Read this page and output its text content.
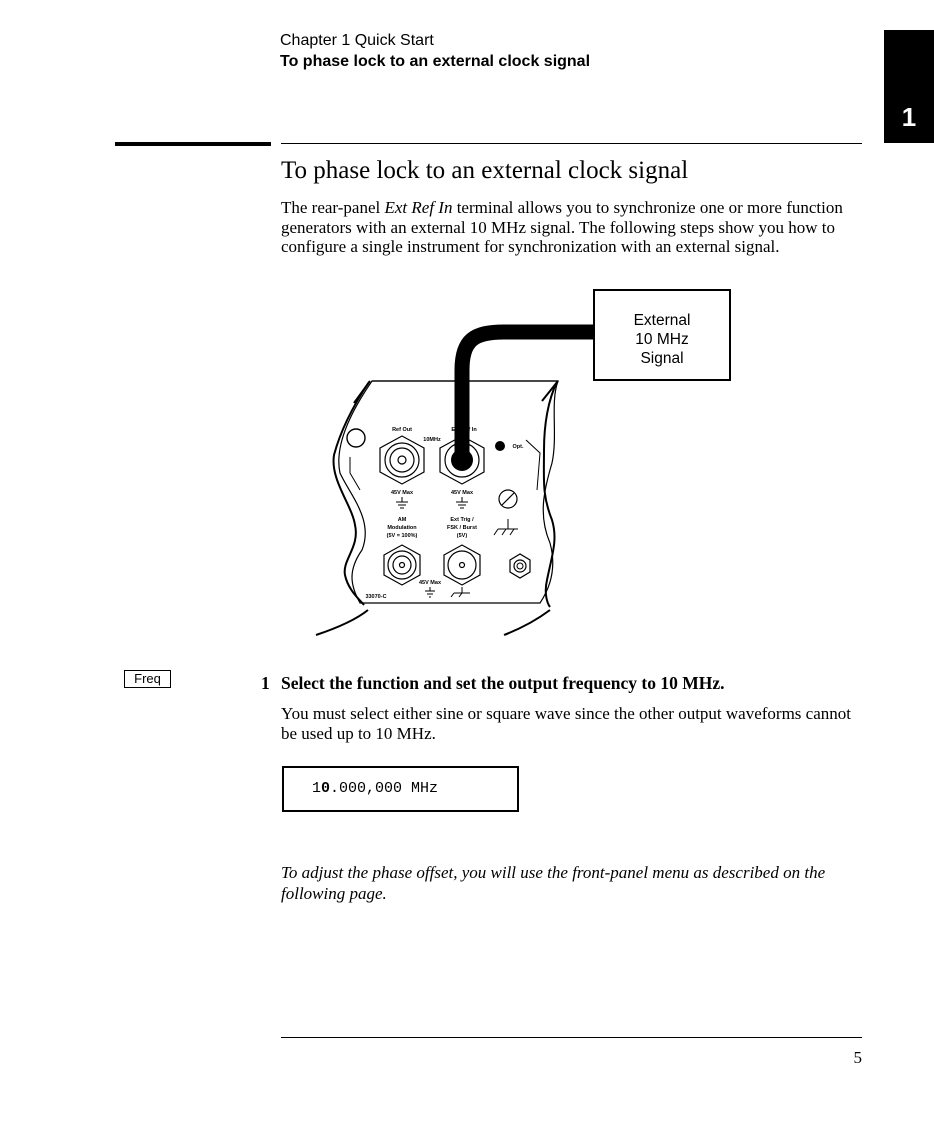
Chapter 1 Quick Start
To phase lock to an external clock signal
1
To phase lock to an external clock signal
The rear-panel Ext Ref In terminal allows you to synchronize one or more function generators with an external 10 MHz signal. The following steps show you how to configure a single instrument for synchronization with an external signal.
Ref Out
10MHz
Ext Ref In
Opt.
45V Max	45V Max
AM
Modulation
(5V = 100%)
Ext Trig /
FSK / Burst
(5V)
45V Max
33070-C
External
10 MHz
Signal
Freq	1 Select the function and set the output frequency to 10 MHz.
You must select either sine or square wave since the other output waveforms cannot be used up to 10 MHz.
10.000,000 MHz
To adjust the phase offset, you will use the front-panel menu as described on the following page.
5
